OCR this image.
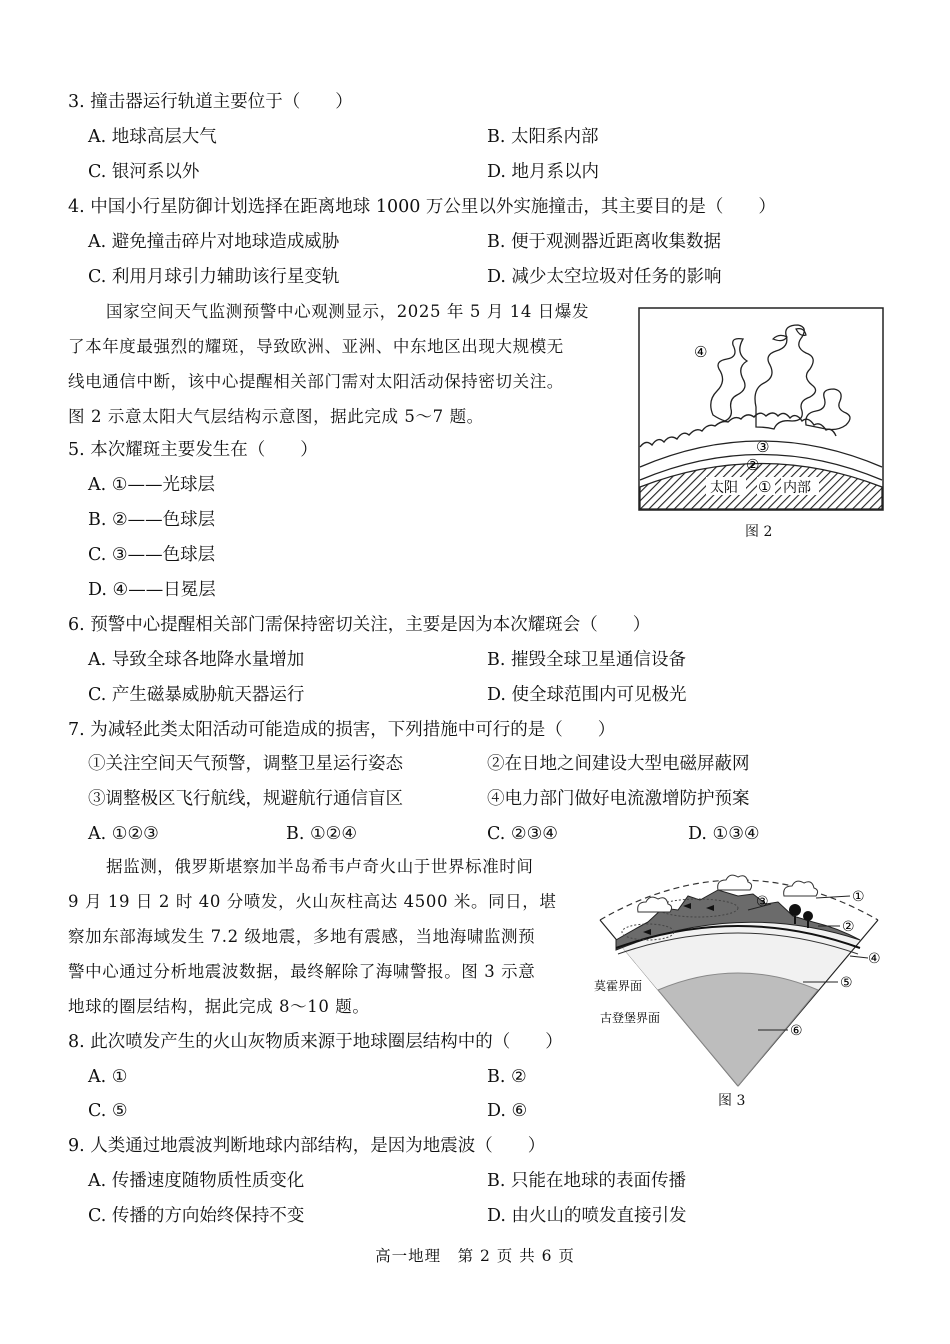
3. 撞击器运行轨道主要位于（　　）
A. 地球高层大气	B. 太阳系内部
C. 银河系以外	D. 地月系以内
4. 中国小行星防御计划选择在距离地球 1000 万公里以外实施撞击，其主要目的是（　　）
A. 避免撞击碎片对地球造成威胁	B. 便于观测器近距离收集数据
C. 利用月球引力辅助该行星变轨	D. 减少太空垃圾对任务的影响
国家空间天气监测预警中心观测显示，2025 年 5 月 14 日爆发
了本年度最强烈的耀斑，导致欧洲、亚洲、中东地区出现大规模无
线电通信中断，该中心提醒相关部门需对太阳活动保持密切关注。
图 2 示意太阳大气层结构示意图，据此完成 5～7 题。
④
③
②
太阳 ① 内部
图 2
5. 本次耀斑主要发生在（　　）
A. ①——光球层
B. ②——色球层
C. ③——色球层
D. ④——日冕层
6. 预警中心提醒相关部门需保持密切关注，主要是因为本次耀斑会（　　）
A. 导致全球各地降水量增加	B. 摧毁全球卫星通信设备
C. 产生磁暴威胁航天器运行	D. 使全球范围内可见极光
7. 为减轻此类太阳活动可能造成的损害，下列措施中可行的是（　　）
①关注空间天气预警，调整卫星运行姿态	②在日地之间建设大型电磁屏蔽网
③调整极区飞行航线，规避航行通信盲区	④电力部门做好电流激增防护预案
A. ①②③	B. ①②④	C. ②③④	D. ①③④
据监测，俄罗斯堪察加半岛希韦卢奇火山于世界标准时间
9 月 19 日 2 时 40 分喷发，火山灰柱高达 4500 米。同日，堪
察加东部海域发生 7.2 级地震，多地有震感，当地海啸监测预
警中心通过分析地震波数据，最终解除了海啸警报。图 3 示意
地球的圈层结构，据此完成 8～10 题。
①
③
②
④
⑤
⑥
莫霍界面
古登堡界面
图 3
8. 此次喷发产生的火山灰物质来源于地球圈层结构中的（　　）
A. ①	B. ②
C. ⑤	D. ⑥
9. 人类通过地震波判断地球内部结构，是因为地震波（　　）
A. 传播速度随物质性质变化	B. 只能在地球的表面传播
C. 传播的方向始终保持不变	D. 由火山的喷发直接引发
高一地理　第 2 页 共 6 页
